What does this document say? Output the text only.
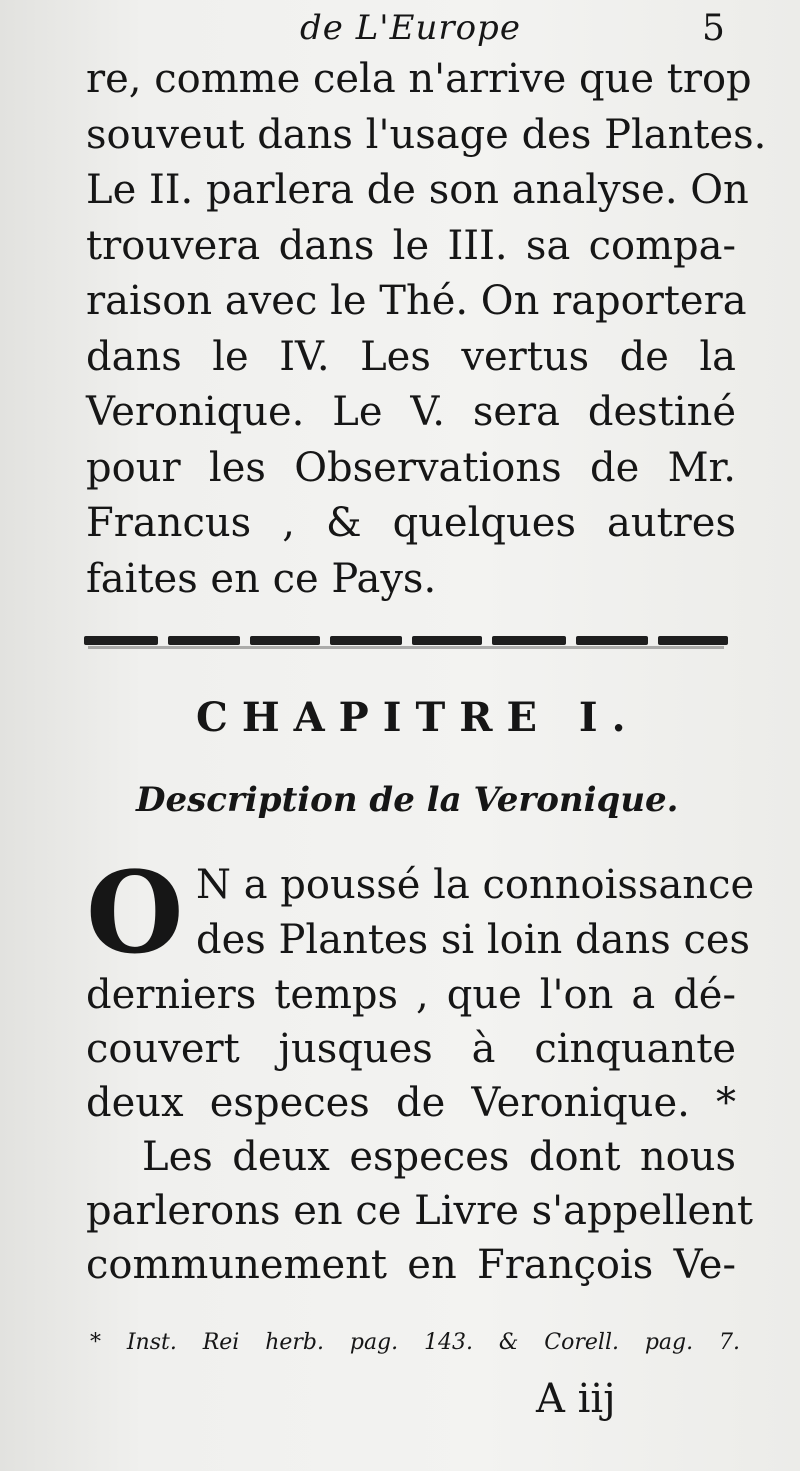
de L'Europe	5
re, comme cela n'arrive que trop
souveut dans l'usage des Plantes.
Le II. parlera de son analyse. On
trouvera dans le III. sa compa-
raison avec le Thé. On raportera
dans le IV. Les vertus de la
Veronique. Le V. sera destiné
pour les Observations de Mr.
Francus , & quelques autres
faites en ce Pays.
CHAPITRE I.
Description de la Veronique.
O N a poussé la connoissance
des Plantes si loin dans ces
derniers temps , que l'on a dé-
couvert jusques à cinquante
deux especes de Veronique. *
Les deux especes dont nous
parlerons en ce Livre s'appellent
communement en François Ve-
* Inst. Rei herb. pag. 143. & Corell. pag. 7.
A iij
